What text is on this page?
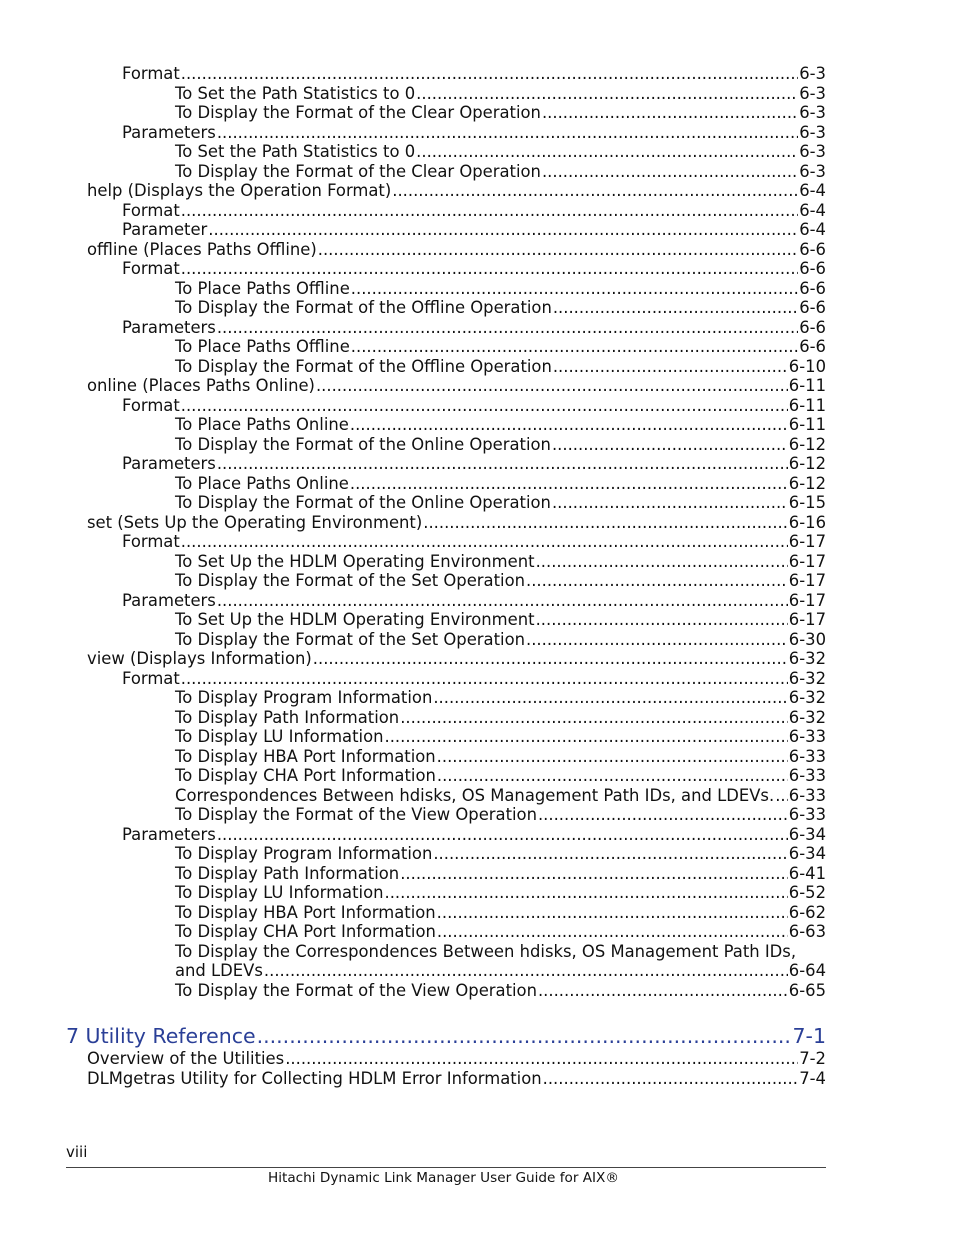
Format .....	6-3
To Set the Path Statistics to 0 .....	6-3
To Display the Format of the Clear Operation .....	6-3
Parameters .....	6-3
To Set the Path Statistics to 0 .....	6-3
To Display the Format of the Clear Operation .....	6-3
help (Displays the Operation Format) .....	6-4
Format .....	6-4
Parameter .....	6-4
offline (Places Paths Offline) .....	6-6
Format .....	6-6
To Place Paths Offline .....	6-6
To Display the Format of the Offline Operation .....	6-6
Parameters .....	6-6
To Place Paths Offline .....	6-6
To Display the Format of the Offline Operation .....	6-10
online (Places Paths Online) .....	6-11
Format .....	6-11
To Place Paths Online .....	6-11
To Display the Format of the Online Operation .....	6-12
Parameters .....	6-12
To Place Paths Online .....	6-12
To Display the Format of the Online Operation .....	6-15
set (Sets Up the Operating Environment) .....	6-16
Format .....	6-17
To Set Up the HDLM Operating Environment .....	6-17
To Display the Format of the Set Operation .....	6-17
Parameters .....	6-17
To Set Up the HDLM Operating Environment .....	6-17
To Display the Format of the Set Operation .....	6-30
view (Displays Information) .....	6-32
Format .....	6-32
To Display Program Information .....	6-32
To Display Path Information .....	6-32
To Display LU Information .....	6-33
To Display HBA Port Information .....	6-33
To Display CHA Port Information .....	6-33
Correspondences Between hdisks, OS Management Path IDs, and LDEVs. ..... 6-33
To Display the Format of the View Operation .....	6-33
Parameters .....	6-34
To Display Program Information .....	6-34
To Display Path Information .....	6-41
To Display LU Information .....	6-52
To Display HBA Port Information .....	6-62
To Display CHA Port Information .....	6-63
To Display the Correspondences Between hdisks, OS Management Path IDs,
and LDEVs .....	6-64
To Display the Format of the View Operation .....	6-65
7 Utility Reference .....	7-1
Overview of the Utilities .....	7-2
DLMgetras Utility for Collecting HDLM Error Information .....	7-4
viii
Hitachi Dynamic Link Manager User Guide for AIX®
